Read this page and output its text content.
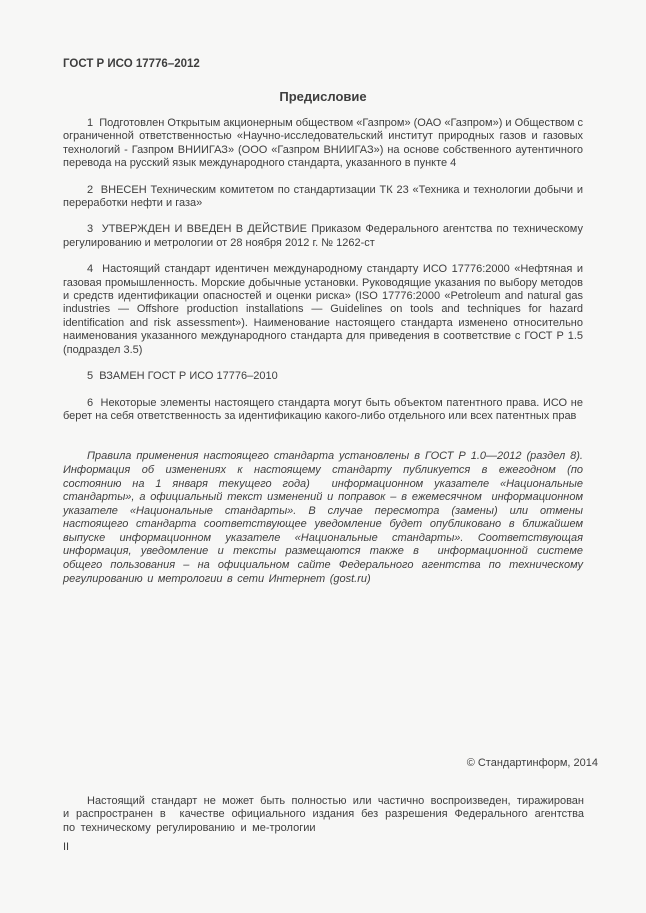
ГОСТ Р ИСО 17776–2012
Предисловие

1  Подготовлен Открытым акционерным обществом «Газпром» (ОАО «Газпром») и Обществом с ограниченной ответственностью «Научно-исследовательский институт природных газов и газовых технологий - Газпром ВНИИГАЗ» (ООО «Газпром ВНИИГАЗ») на основе собственного аутентичного перевода на русский язык международного стандарта, указанного в пункте 4

2  ВНЕСЕН Техническим комитетом по стандартизации ТК 23 «Техника и технологии добычи и переработки нефти и газа»

3  УТВЕРЖДЕН И ВВЕДЕН В ДЕЙСТВИЕ Приказом Федерального агентства по техническому регулированию и метрологии от 28 ноября 2012 г. № 1262-ст

4  Настоящий стандарт идентичен международному стандарту ИСО 17776:2000 «Нефтяная и газовая промышленность. Морские добычные установки. Руководящие указания по выбору методов и средств идентификации опасностей и оценки риска» (ISO 17776:2000 «Petroleum and natural gas industries — Offshore production installations — Guidelines on tools and techniques for hazard identification and risk assessment»). Наименование настоящего стандарта изменено относительно наименования указанного международного стандарта для приведения в соответствие с ГОСТ Р 1.5 (подраздел 3.5)

5  ВЗАМЕН ГОСТ Р ИСО 17776–2010

6  Некоторые элементы настоящего стандарта могут быть объектом патентного права. ИСО не берет на себя ответственность за идентификацию какого-либо отдельного или всех патентных прав

Правила применения настоящего стандарта установлены в ГОСТ Р 1.0—2012 (раздел 8). Информация об изменениях к настоящему стандарту публикуется в ежегодном (по состоянию на 1 января текущего года)  информационном указателе «Национальные стандарты», а официальный текст изменений и поправок – в ежемесячном  информационном указателе «Национальные стандарты». В случае пересмотра (замены) или отмены настоящего стандарта соответствующее уведомление будет опубликовано в ближайшем выпуске информационном указателе «Национальные стандарты». Соответствующая информация, уведомление и тексты размещаются также в  информационной системе общего пользования – на официальном сайте Федерального агентства по техническому регулированию и метрологии в сети Интернет (gost.ru)

© Стандартинформ, 2014

Настоящий стандарт не может быть полностью или частично воспроизведен, тиражирован и распространен в  качестве официального издания без разрешения Федерального агентства по техническому регулированию и ме-трологии

II
